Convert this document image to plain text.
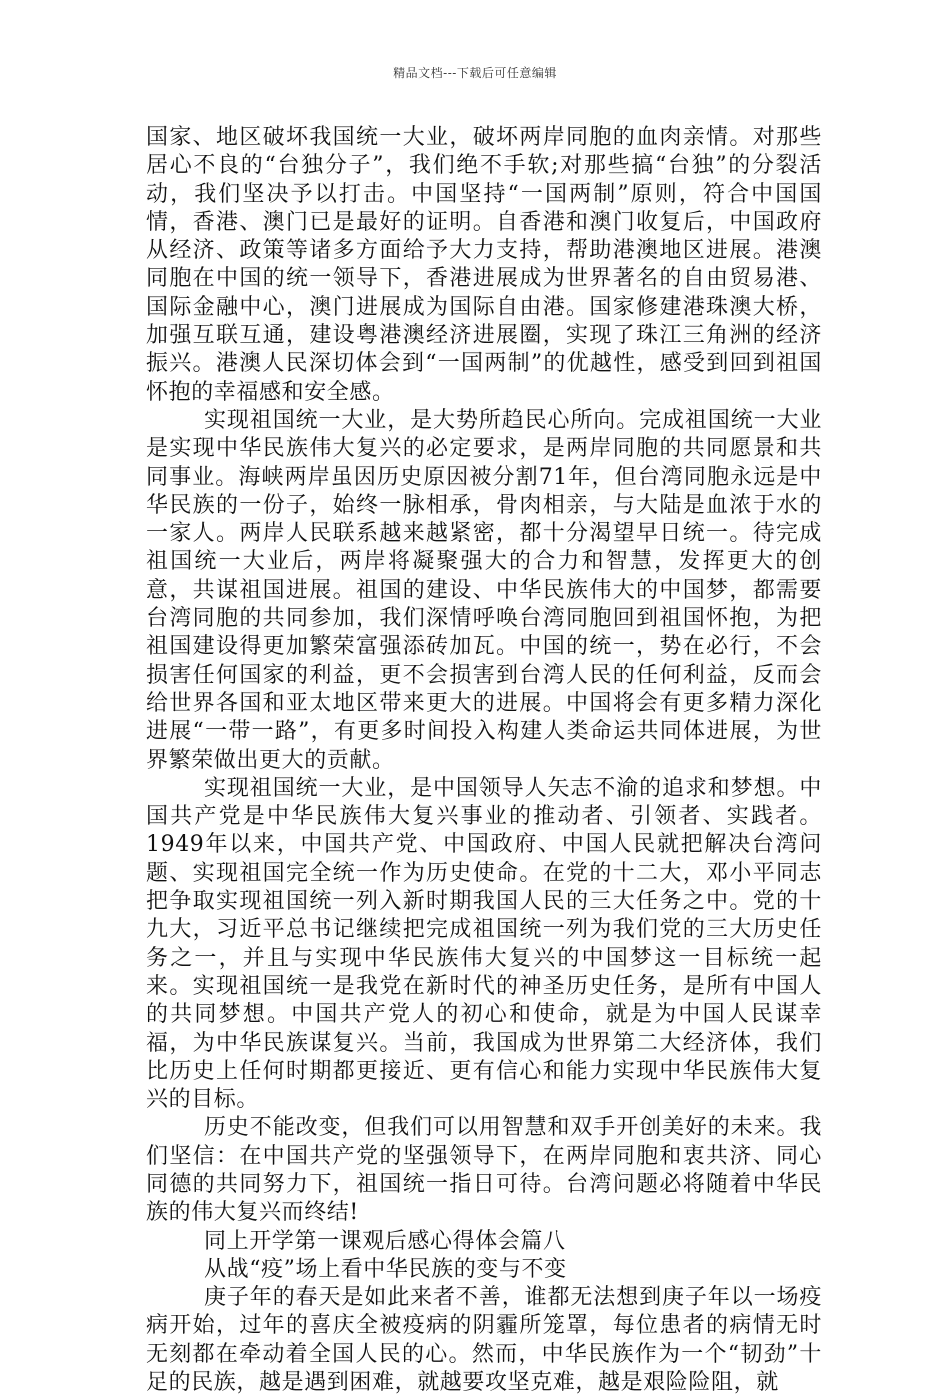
精品文档---下载后可任意编辑

国家、地区破坏我国统一大业，破坏两岸同胞的血肉亲情。对那些居心不良的“台独分子”，我们绝不手软;对那些搞“台独”的分裂活动，我们坚决予以打击。中国坚持“一国两制”原则，符合中国国情，香港、澳门已是最好的证明。自香港和澳门收复后，中国政府从经济、政策等诸多方面给予大力支持，帮助港澳地区进展。港澳同胞在中国的统一领导下，香港进展成为世界著名的自由贸易港、国际金融中心，澳门进展成为国际自由港。国家修建港珠澳大桥，加强互联互通，建设粤港澳经济进展圈，实现了珠江三角洲的经济振兴。港澳人民深切体会到“一国两制”的优越性，感受到回到祖国怀抱的幸福感和安全感。

实现祖国统一大业，是大势所趋民心所向。完成祖国统一大业是实现中华民族伟大复兴的必定要求，是两岸同胞的共同愿景和共同事业。海峡两岸虽因历史原因被分割71年，但台湾同胞永远是中华民族的一份子，始终一脉相承，骨肉相亲，与大陆是血浓于水的一家人。两岸人民联系越来越紧密，都十分渴望早日统一。待完成祖国统一大业后，两岸将凝聚强大的合力和智慧，发挥更大的创意，共谋祖国进展。祖国的建设、中华民族伟大的中国梦，都需要台湾同胞的共同参加，我们深情呼唤台湾同胞回到祖国怀抱，为把祖国建设得更加繁荣富强添砖加瓦。中国的统一，势在必行，不会损害任何国家的利益，更不会损害到台湾人民的任何利益，反而会给世界各国和亚太地区带来更大的进展。中国将会有更多精力深化进展“一带一路”，有更多时间投入构建人类命运共同体进展，为世界繁荣做出更大的贡献。

实现祖国统一大业，是中国领导人矢志不渝的追求和梦想。中国共产党是中华民族伟大复兴事业的推动者、引领者、实践者。1949年以来，中国共产党、中国政府、中国人民就把解决台湾问题、实现祖国完全统一作为历史使命。在党的十二大，邓小平同志把争取实现祖国统一列入新时期我国人民的三大任务之中。党的十九大，习近平总书记继续把完成祖国统一列为我们党的三大历史任务之一，并且与实现中华民族伟大复兴的中国梦这一目标统一起来。实现祖国统一是我党在新时代的神圣历史任务，是所有中国人的共同梦想。中国共产党人的初心和使命，就是为中国人民谋幸福，为中华民族谋复兴。当前，我国成为世界第二大经济体，我们比历史上任何时期都更接近、更有信心和能力实现中华民族伟大复兴的目标。

历史不能改变，但我们可以用智慧和双手开创美好的未来。我们坚信：在中国共产党的坚强领导下，在两岸同胞和衷共济、同心同德的共同努力下，祖国统一指日可待。台湾问题必将随着中华民族的伟大复兴而终结!

同上开学第一课观后感心得体会篇八

从战“疫”场上看中华民族的变与不变

庚子年的春天是如此来者不善，谁都无法想到庚子年以一场疫病开始，过年的喜庆全被疫病的阴霾所笼罩，每位患者的病情无时无刻都在牵动着全国人民的心。然而，中华民族作为一个“韧劲”十足的民族，越是遇到困难，就越要攻坚克难，越是艰险险阻，就
